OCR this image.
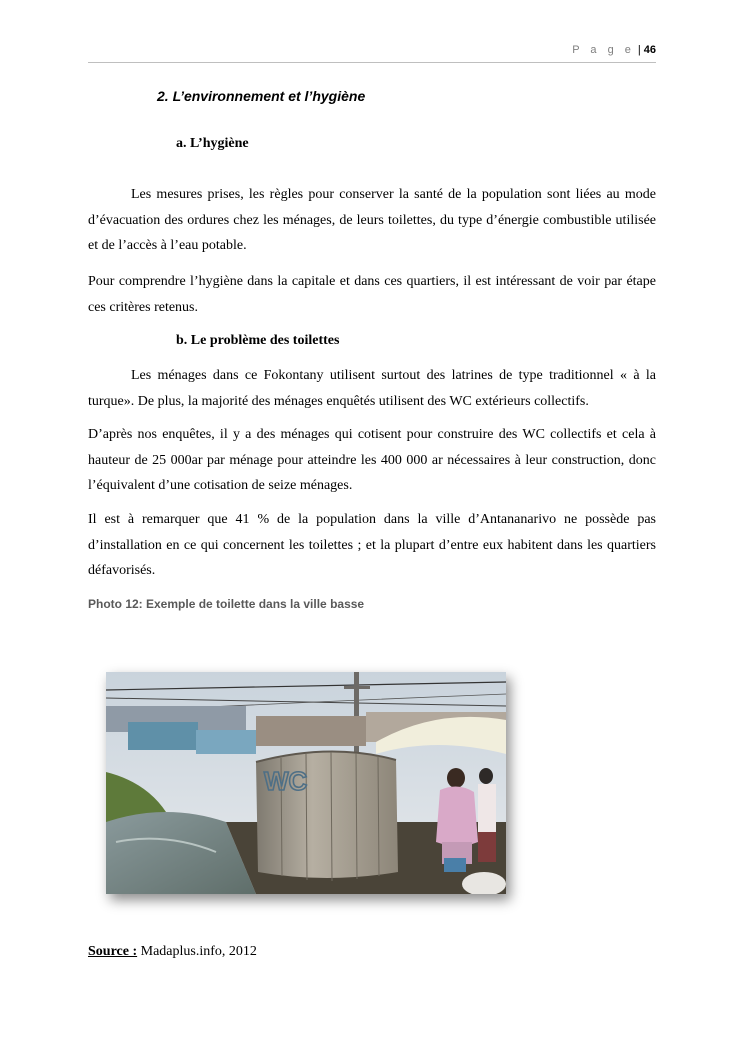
P a g e | 46
2. L’environnement et l’hygiène
a. L’hygiène

Les mesures prises, les règles pour conserver la santé de la population sont liées au mode d’évacuation des ordures chez les ménages, de leurs toilettes, du type d’énergie combustible utilisée et de l’accès à l’eau potable.

Pour comprendre l’hygiène dans la capitale et dans ces quartiers, il est intéressant de voir par étape ces critères retenus.

b. Le problème des toilettes

Les ménages dans ce Fokontany utilisent surtout des latrines de type traditionnel « à la turque». De plus, la majorité des ménages enquêtés utilisent des WC extérieurs collectifs.

D’après nos enquêtes, il y a des ménages qui cotisent pour construire des WC collectifs et cela à hauteur de 25 000ar par ménage pour atteindre les 400 000 ar nécessaires à leur construction, donc l’équivalent d’une cotisation de seize ménages.

Il est à remarquer que 41 % de la population dans la ville d’Antananarivo ne possède pas d’installation en ce qui concernent les toilettes ; et la plupart d’entre eux habitent dans les quartiers défavorisés.

Photo 12: Exemple de toilette dans la ville basse
WC
Source : Madaplus.info, 2012
